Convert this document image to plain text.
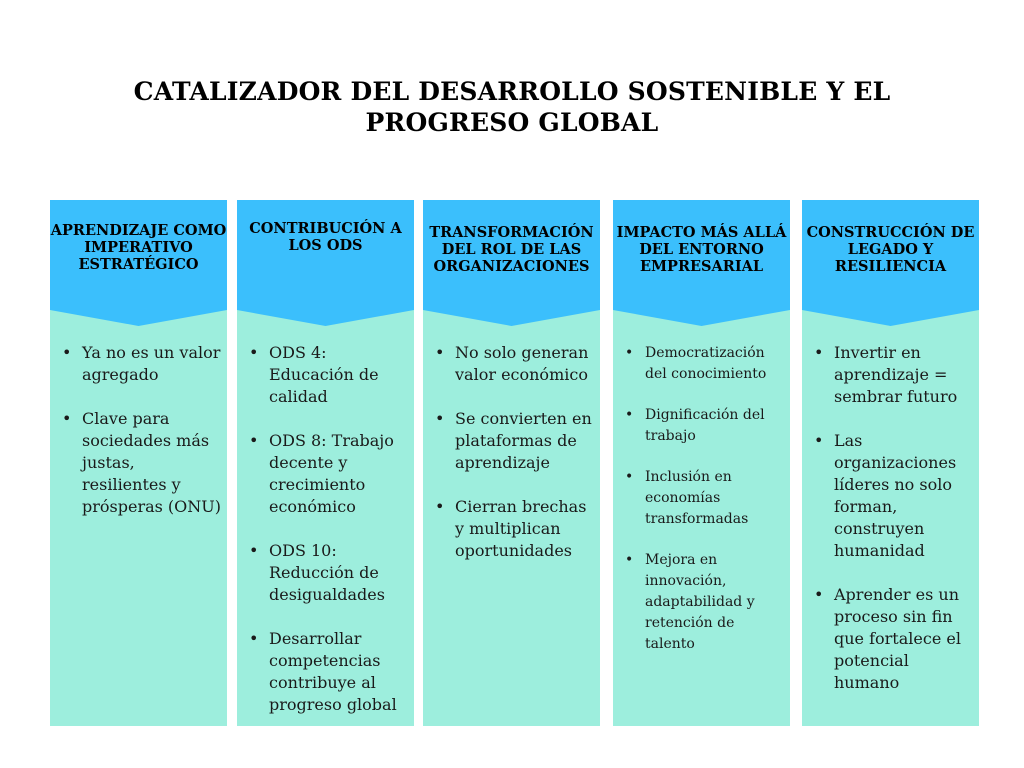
CATALIZADOR DEL DESARROLLO SOSTENIBLE Y EL PROGRESO GLOBAL
APRENDIZAJE COMO IMPERATIVO ESTRATÉGICO
• Ya no es un valor agregado
• Clave para sociedades más justas, resilientes y prósperas (ONU)
CONTRIBUCIÓN A LOS ODS
• ODS 4: Educación de calidad
• ODS 8: Trabajo decente y crecimiento económico
• ODS 10: Reducción de desigualdades
• Desarrollar competencias contribuye al progreso global
TRANSFORMACIÓN DEL ROL DE LAS ORGANIZACIONES
• No solo generan valor económico
• Se convierten en plataformas de aprendizaje
• Cierran brechas y multiplican oportunidades
IMPACTO MÁS ALLÁ DEL ENTORNO EMPRESARIAL
• Democratización del conocimiento
• Dignificación del trabajo
• Inclusión en economías transformadas
• Mejora en innovación, adaptabilidad y retención de talento
CONSTRUCCIÓN DE LEGADO Y RESILIENCIA
• Invertir en aprendizaje = sembrar futuro
• Las organizaciones líderes no solo forman, construyen humanidad
• Aprender es un proceso sin fin que fortalece el potencial humano
